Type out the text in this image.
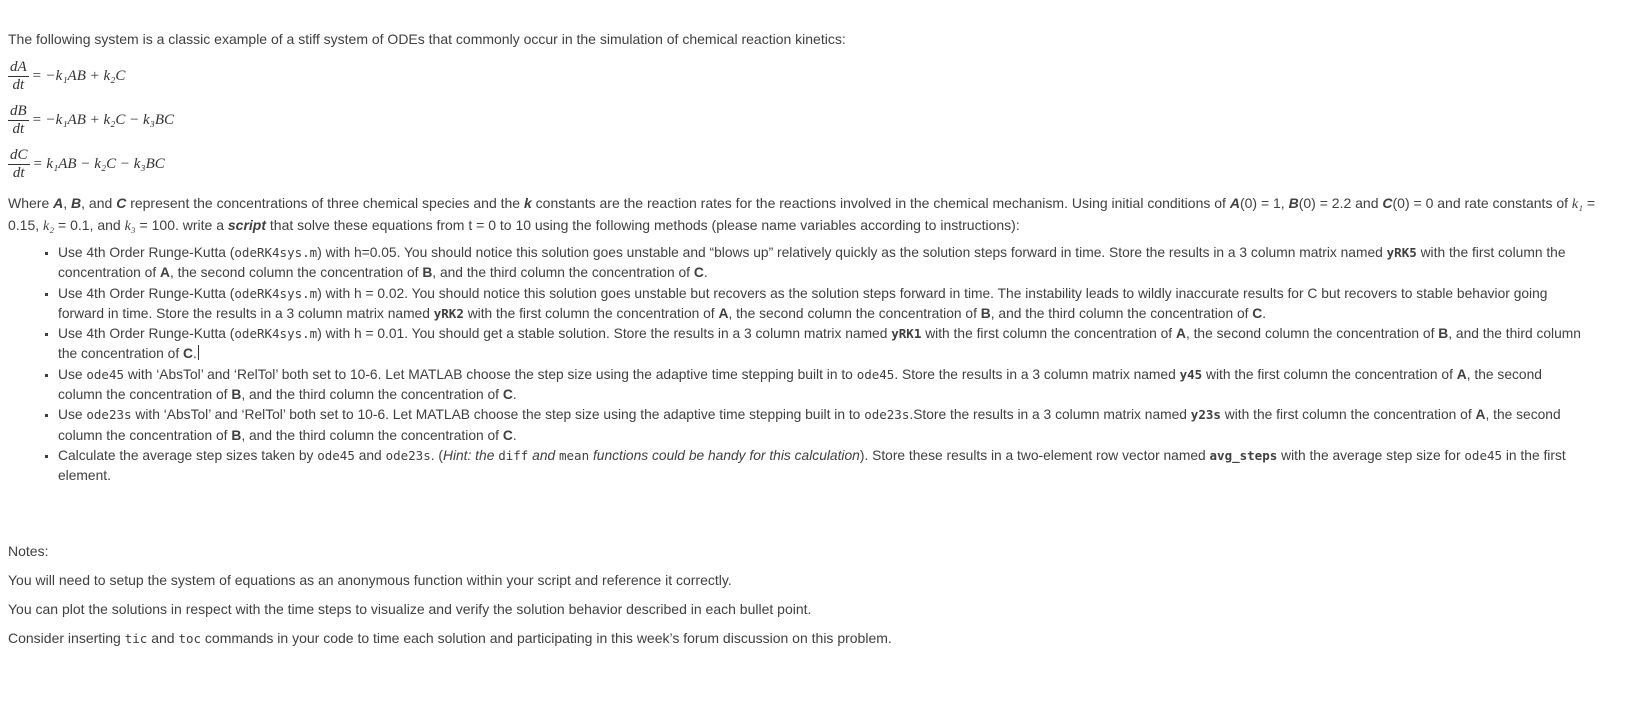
The following system is a classic example of a stiff system of ODEs that commonly occur in the simulation of chemical reaction kinetics:

$\frac{dA}{dt} = -k_1AB + k_2C$
$\frac{dB}{dt} = -k_1AB + k_2C - k_3BC$
$\frac{dC}{dt} = k_1AB - k_2C - k_3BC$

Where A, B, and C represent the concentrations of three chemical species and the k constants are the reaction rates for the reactions involved in the chemical mechanism. Using initial conditions of A(0) = 1, B(0) = 2.2 and C(0) = 0 and rate constants of k₁ = 0.15, k₂ = 0.1, and k₃ = 100. write a script that solve these equations from t = 0 to 10 using the following methods (please name variables according to instructions):

▪ Use 4th Order Runge-Kutta (odeRK4sys.m) with h=0.05. You should notice this solution goes unstable and “blows up” relatively quickly as the solution steps forward in time. Store the results in a 3 column matrix named yRK5 with the first column the concentration of A, the second column the concentration of B, and the third column the concentration of C.
▪ Use 4th Order Runge-Kutta (odeRK4sys.m) with h = 0.02. You should notice this solution goes unstable but recovers as the solution steps forward in time. The instability leads to wildly inaccurate results for C but recovers to stable behavior going forward in time. Store the results in a 3 column matrix named yRK2 with the first column the concentration of A, the second column the concentration of B, and the third column the concentration of C.
▪ Use 4th Order Runge-Kutta (odeRK4sys.m) with h = 0.01. You should get a stable solution. Store the results in a 3 column matrix named yRK1 with the first column the concentration of A, the second column the concentration of B, and the third column the concentration of C.
▪ Use ode45 with ‘AbsTol’ and ‘RelTol’ both set to 10-6. Let MATLAB choose the step size using the adaptive time stepping built in to ode45. Store the results in a 3 column matrix named y45 with the first column the concentration of A, the second column the concentration of B, and the third column the concentration of C.
▪ Use ode23s with ‘AbsTol’ and ‘RelTol’ both set to 10-6. Let MATLAB choose the step size using the adaptive time stepping built in to ode23s.Store the results in a 3 column matrix named y23s with the first column the concentration of A, the second column the concentration of B, and the third column the concentration of C.
▪ Calculate the average step sizes taken by ode45 and ode23s. (Hint: the diff and mean functions could be handy for this calculation). Store these results in a two-element row vector named avg_steps with the average step size for ode45 in the first element.

Notes:

You will need to setup the system of equations as an anonymous function within your script and reference it correctly.

You can plot the solutions in respect with the time steps to visualize and verify the solution behavior described in each bullet point.

Consider inserting tic and toc commands in your code to time each solution and participating in this week’s forum discussion on this problem.
